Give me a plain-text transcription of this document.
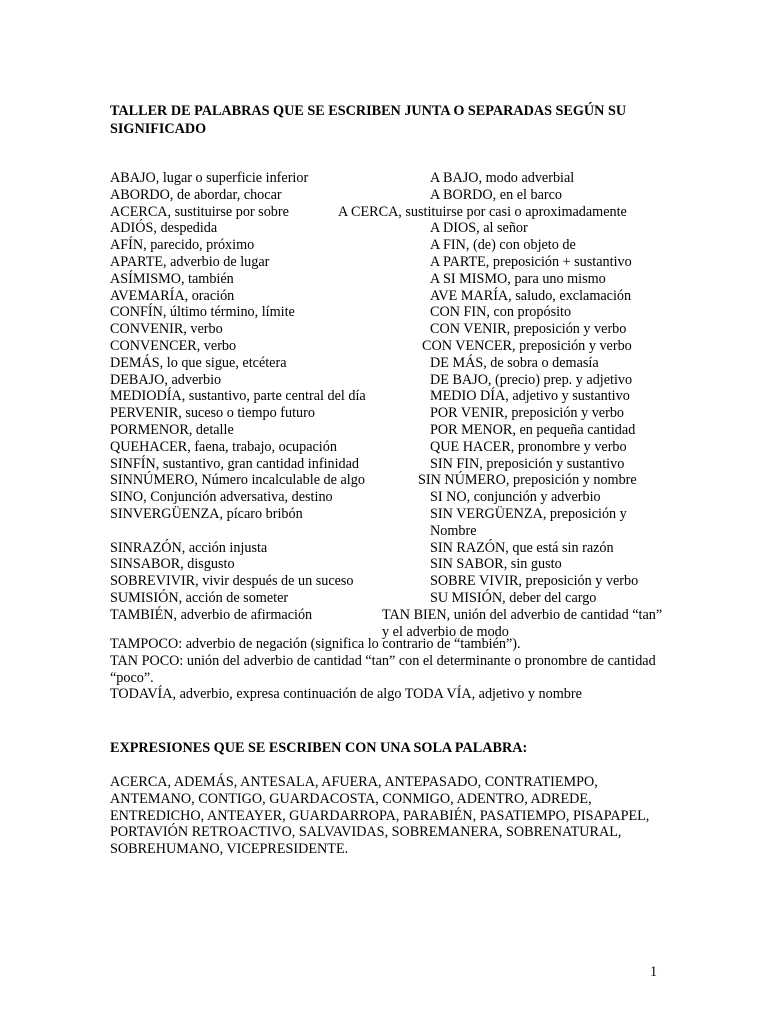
TALLER DE PALABRAS QUE SE ESCRIBEN JUNTA O SEPARADAS SEGÚN SU SIGNIFICADO

ABAJO, lugar o superficie inferior	A BAJO, modo adverbial
ABORDO, de abordar, chocar	A BORDO, en el barco
ACERCA, sustituirse por sobre	A CERCA, sustituirse por casi o aproximadamente
ADIÓS, despedida	A DIOS, al señor
AFÍN, parecido, próximo	A FIN, (de) con objeto de
APARTE, adverbio de lugar	A PARTE, preposición + sustantivo
ASÍMISMO, también	A SI MISMO, para uno mismo
AVEMARÍA, oración	AVE MARÍA, saludo, exclamación
CONFÍN, último término, límite	CON FIN, con propósito
CONVENIR, verbo	CON VENIR, preposición y verbo
CONVENCER, verbo	CON VENCER, preposición y verbo
DEMÁS, lo que sigue, etcétera	DE MÁS, de sobra o demasía
DEBAJO, adverbio	DE BAJO, (precio) prep. y adjetivo
MEDIODÍA, sustantivo, parte central del día	MEDIO DÍA, adjetivo y sustantivo
PERVENIR, suceso o tiempo futuro	POR VENIR, preposición y verbo
PORMENOR, detalle	POR MENOR, en pequeña cantidad
QUEHACER, faena, trabajo, ocupación	QUE HACER, pronombre y verbo
SINFÍN, sustantivo, gran cantidad infinidad	SIN FIN, preposición y sustantivo
SINNÚMERO, Número incalculable de algo	SIN NÚMERO, preposición y nombre
SINO, Conjunción adversativa, destino	SI NO, conjunción y adverbio
SINVERGÜENZA, pícaro bribón	SIN VERGÜENZA, preposición y Nombre
SINRAZÓN, acción injusta	SIN RAZÓN, que está sin razón
SINSABOR, disgusto	SIN SABOR, sin gusto
SOBREVIVIR, vivir después de un suceso	SOBRE VIVIR, preposición y verbo
SUMISIÓN, acción de someter	SU MISIÓN, deber del cargo
TAMBIÉN, adverbio de afirmación	TAN BIEN, unión del adverbio de cantidad “tan” y el adverbio de modo

TAMPOCO: adverbio de negación (significa lo contrario de “también”).

TAN POCO: unión del adverbio de cantidad “tan” con el determinante o pronombre de cantidad “poco”.

TODAVÍA, adverbio, expresa continuación de algo TODA VÍA, adjetivo y nombre

EXPRESIONES QUE SE ESCRIBEN CON UNA SOLA PALABRA:

ACERCA, ADEMÁS, ANTESALA, AFUERA, ANTEPASADO, CONTRATIEMPO, ANTEMANO, CONTIGO, GUARDACOSTA, CONMIGO, ADENTRO, ADREDE, ENTREDICHO, ANTEAYER, GUARDARROPA, PARABIÉN, PASATIEMPO, PISAPAPEL, PORTAVIÓN RETROACTIVO, SALVAVIDAS, SOBREMANERA, SOBRENATURAL, SOBREHUMANO, VICEPRESIDENTE.

1
